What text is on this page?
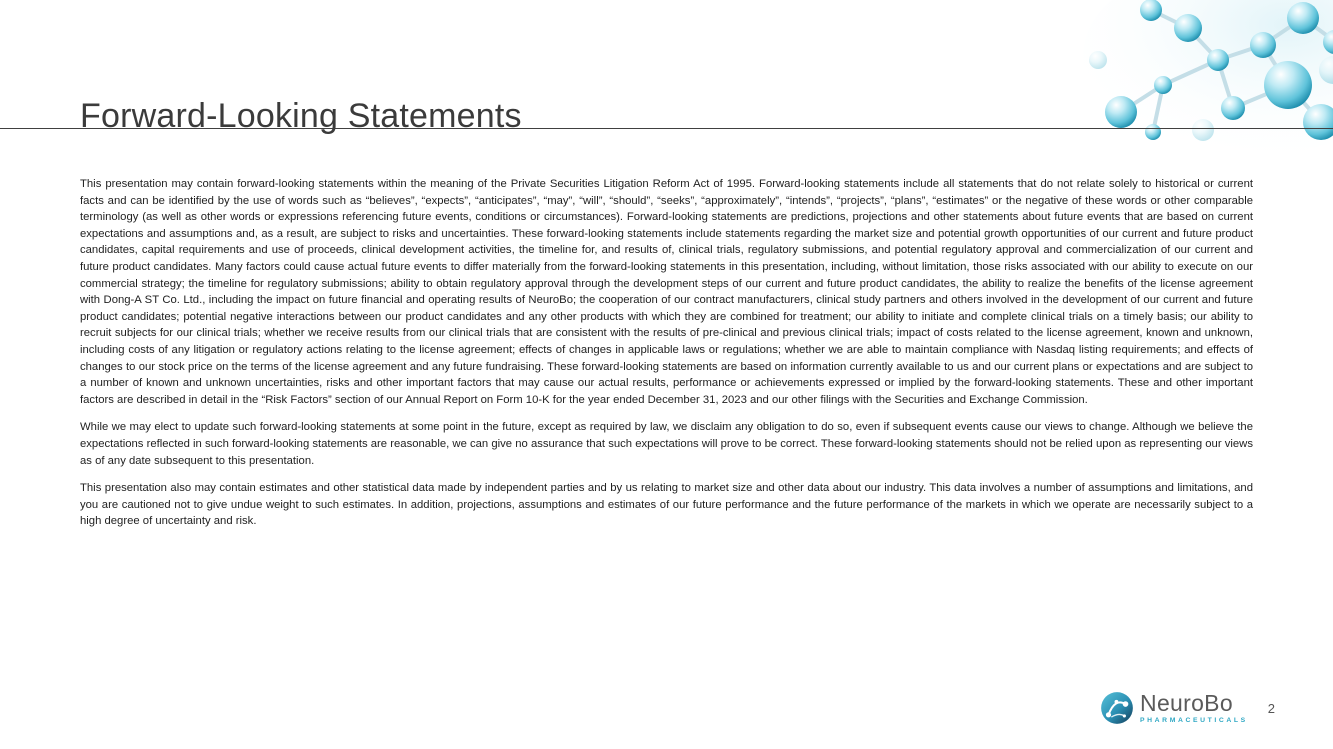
Forward-Looking Statements

This presentation may contain forward-looking statements within the meaning of the Private Securities Litigation Reform Act of 1995. Forward-looking statements include all statements that do not relate solely to historical or current facts and can be identified by the use of words such as “believes”, “expects”, “anticipates”, “may”, “will”, “should”, “seeks”, “approximately”, “intends”, “projects”, “plans”, “estimates” or the negative of these words or other comparable terminology (as well as other words or expressions referencing future events, conditions or circumstances). Forward-looking statements are predictions, projections and other statements about future events that are based on current expectations and assumptions and, as a result, are subject to risks and uncertainties. These forward-looking statements include statements regarding the market size and potential growth opportunities of our current and future product candidates, capital requirements and use of proceeds, clinical development activities, the timeline for, and results of, clinical trials, regulatory submissions, and potential regulatory approval and commercialization of our current and future product candidates. Many factors could cause actual future events to differ materially from the forward-looking statements in this presentation, including, without limitation, those risks associated with our ability to execute on our commercial strategy; the timeline for regulatory submissions; ability to obtain regulatory approval through the development steps of our current and future product candidates, the ability to realize the benefits of the license agreement with Dong-A ST Co. Ltd., including the impact on future financial and operating results of NeuroBo; the cooperation of our contract manufacturers, clinical study partners and others involved in the development of our current and future product candidates; potential negative interactions between our product candidates and any other products with which they are combined for treatment; our ability to initiate and complete clinical trials on a timely basis; our ability to recruit subjects for our clinical trials; whether we receive results from our clinical trials that are consistent with the results of pre-clinical and previous clinical trials; impact of costs related to the license agreement, known and unknown, including costs of any litigation or regulatory actions relating to the license agreement; effects of changes in applicable laws or regulations; whether we are able to maintain compliance with Nasdaq listing requirements; and effects of changes to our stock price on the terms of the license agreement and any future fundraising. These forward-looking statements are based on information currently available to us and our current plans or expectations and are subject to a number of known and unknown uncertainties, risks and other important factors that may cause our actual results, performance or achievements expressed or implied by the forward-looking statements. These and other important factors are described in detail in the “Risk Factors” section of our Annual Report on Form 10-K for the year ended December 31, 2023 and our other filings with the Securities and Exchange Commission.

While we may elect to update such forward-looking statements at some point in the future, except as required by law, we disclaim any obligation to do so, even if subsequent events cause our views to change. Although we believe the expectations reflected in such forward-looking statements are reasonable, we can give no assurance that such expectations will prove to be correct. These forward-looking statements should not be relied upon as representing our views as of any date subsequent to this presentation.

This presentation also may contain estimates and other statistical data made by independent parties and by us relating to market size and other data about our industry. This data involves a number of assumptions and limitations, and you are cautioned not to give undue weight to such estimates. In addition, projections, assumptions and estimates of our future performance and the future performance of the markets in which we operate are necessarily subject to a high degree of uncertainty and risk.

NeuroBo
PHARMACEUTICALS
2
